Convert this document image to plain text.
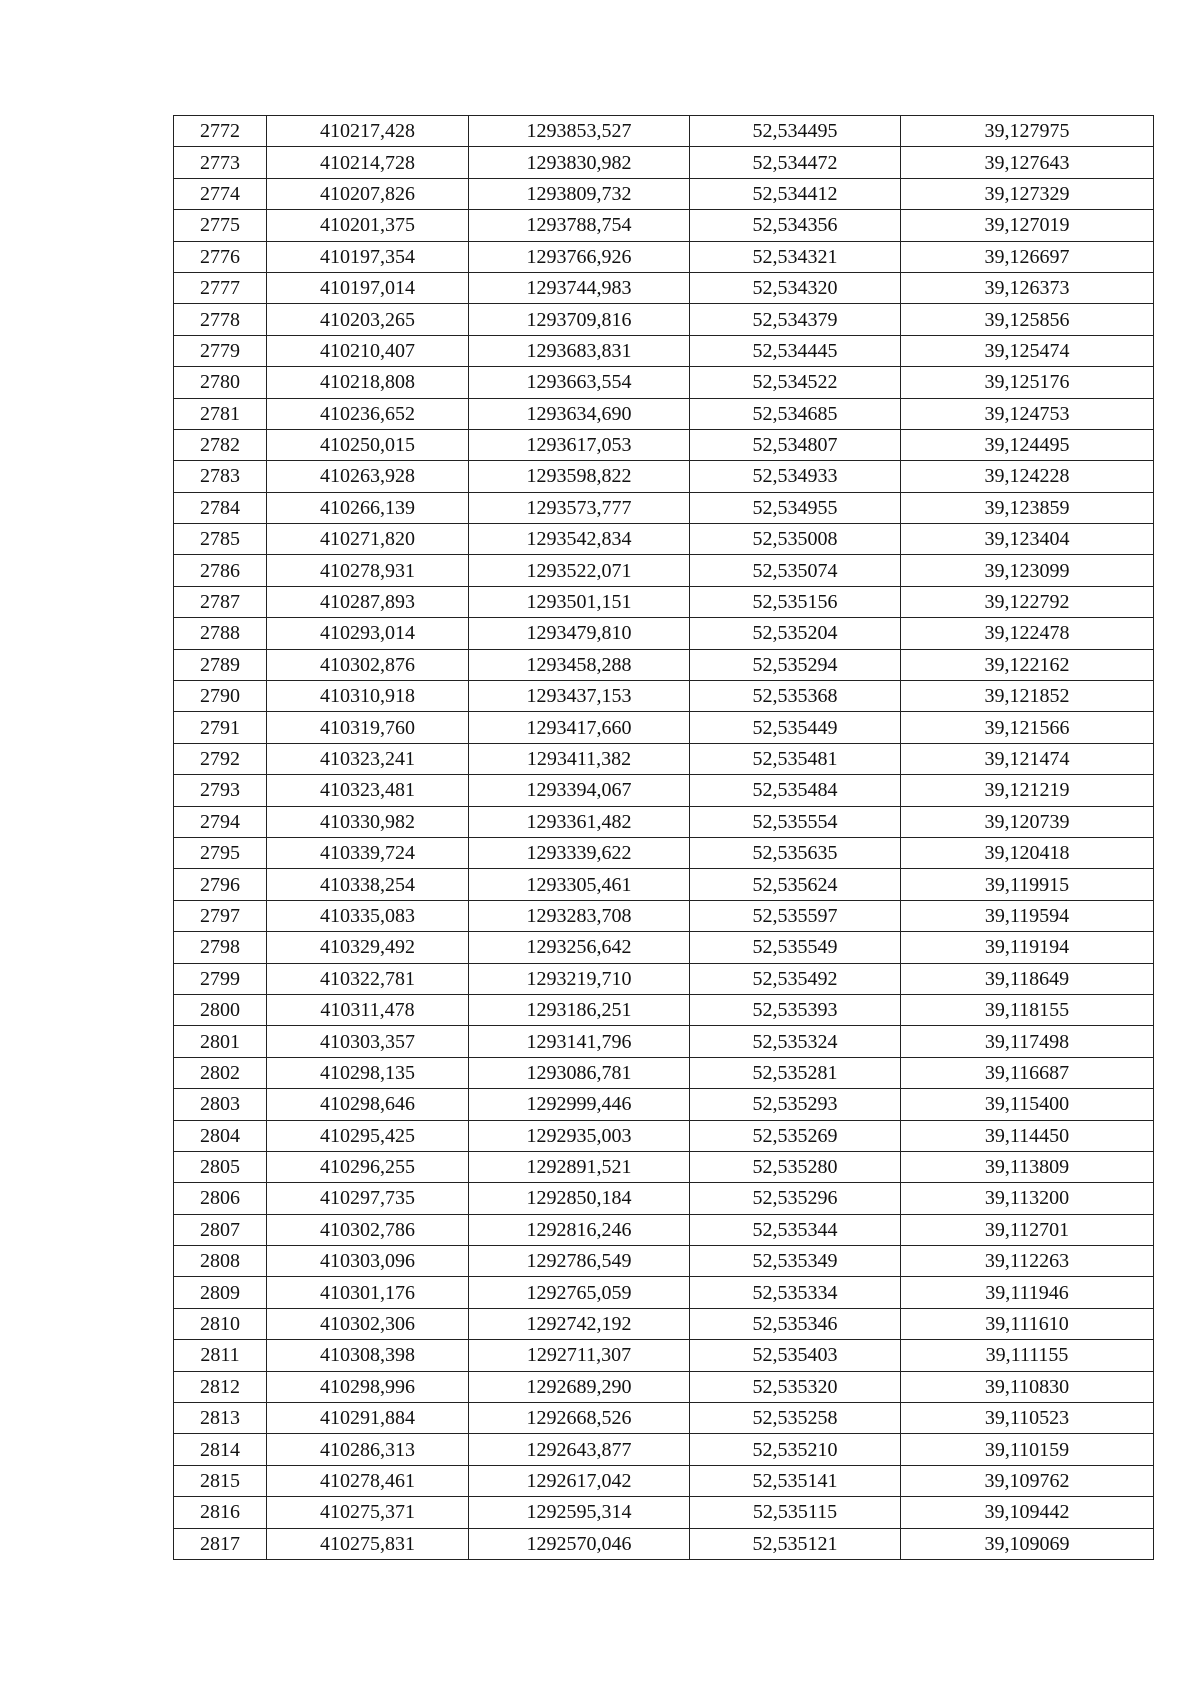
2772	410217,428	1293853,527	52,534495	39,127975
2773	410214,728	1293830,982	52,534472	39,127643
2774	410207,826	1293809,732	52,534412	39,127329
2775	410201,375	1293788,754	52,534356	39,127019
2776	410197,354	1293766,926	52,534321	39,126697
2777	410197,014	1293744,983	52,534320	39,126373
2778	410203,265	1293709,816	52,534379	39,125856
2779	410210,407	1293683,831	52,534445	39,125474
2780	410218,808	1293663,554	52,534522	39,125176
2781	410236,652	1293634,690	52,534685	39,124753
2782	410250,015	1293617,053	52,534807	39,124495
2783	410263,928	1293598,822	52,534933	39,124228
2784	410266,139	1293573,777	52,534955	39,123859
2785	410271,820	1293542,834	52,535008	39,123404
2786	410278,931	1293522,071	52,535074	39,123099
2787	410287,893	1293501,151	52,535156	39,122792
2788	410293,014	1293479,810	52,535204	39,122478
2789	410302,876	1293458,288	52,535294	39,122162
2790	410310,918	1293437,153	52,535368	39,121852
2791	410319,760	1293417,660	52,535449	39,121566
2792	410323,241	1293411,382	52,535481	39,121474
2793	410323,481	1293394,067	52,535484	39,121219
2794	410330,982	1293361,482	52,535554	39,120739
2795	410339,724	1293339,622	52,535635	39,120418
2796	410338,254	1293305,461	52,535624	39,119915
2797	410335,083	1293283,708	52,535597	39,119594
2798	410329,492	1293256,642	52,535549	39,119194
2799	410322,781	1293219,710	52,535492	39,118649
2800	410311,478	1293186,251	52,535393	39,118155
2801	410303,357	1293141,796	52,535324	39,117498
2802	410298,135	1293086,781	52,535281	39,116687
2803	410298,646	1292999,446	52,535293	39,115400
2804	410295,425	1292935,003	52,535269	39,114450
2805	410296,255	1292891,521	52,535280	39,113809
2806	410297,735	1292850,184	52,535296	39,113200
2807	410302,786	1292816,246	52,535344	39,112701
2808	410303,096	1292786,549	52,535349	39,112263
2809	410301,176	1292765,059	52,535334	39,111946
2810	410302,306	1292742,192	52,535346	39,111610
2811	410308,398	1292711,307	52,535403	39,111155
2812	410298,996	1292689,290	52,535320	39,110830
2813	410291,884	1292668,526	52,535258	39,110523
2814	410286,313	1292643,877	52,535210	39,110159
2815	410278,461	1292617,042	52,535141	39,109762
2816	410275,371	1292595,314	52,535115	39,109442
2817	410275,831	1292570,046	52,535121	39,109069
